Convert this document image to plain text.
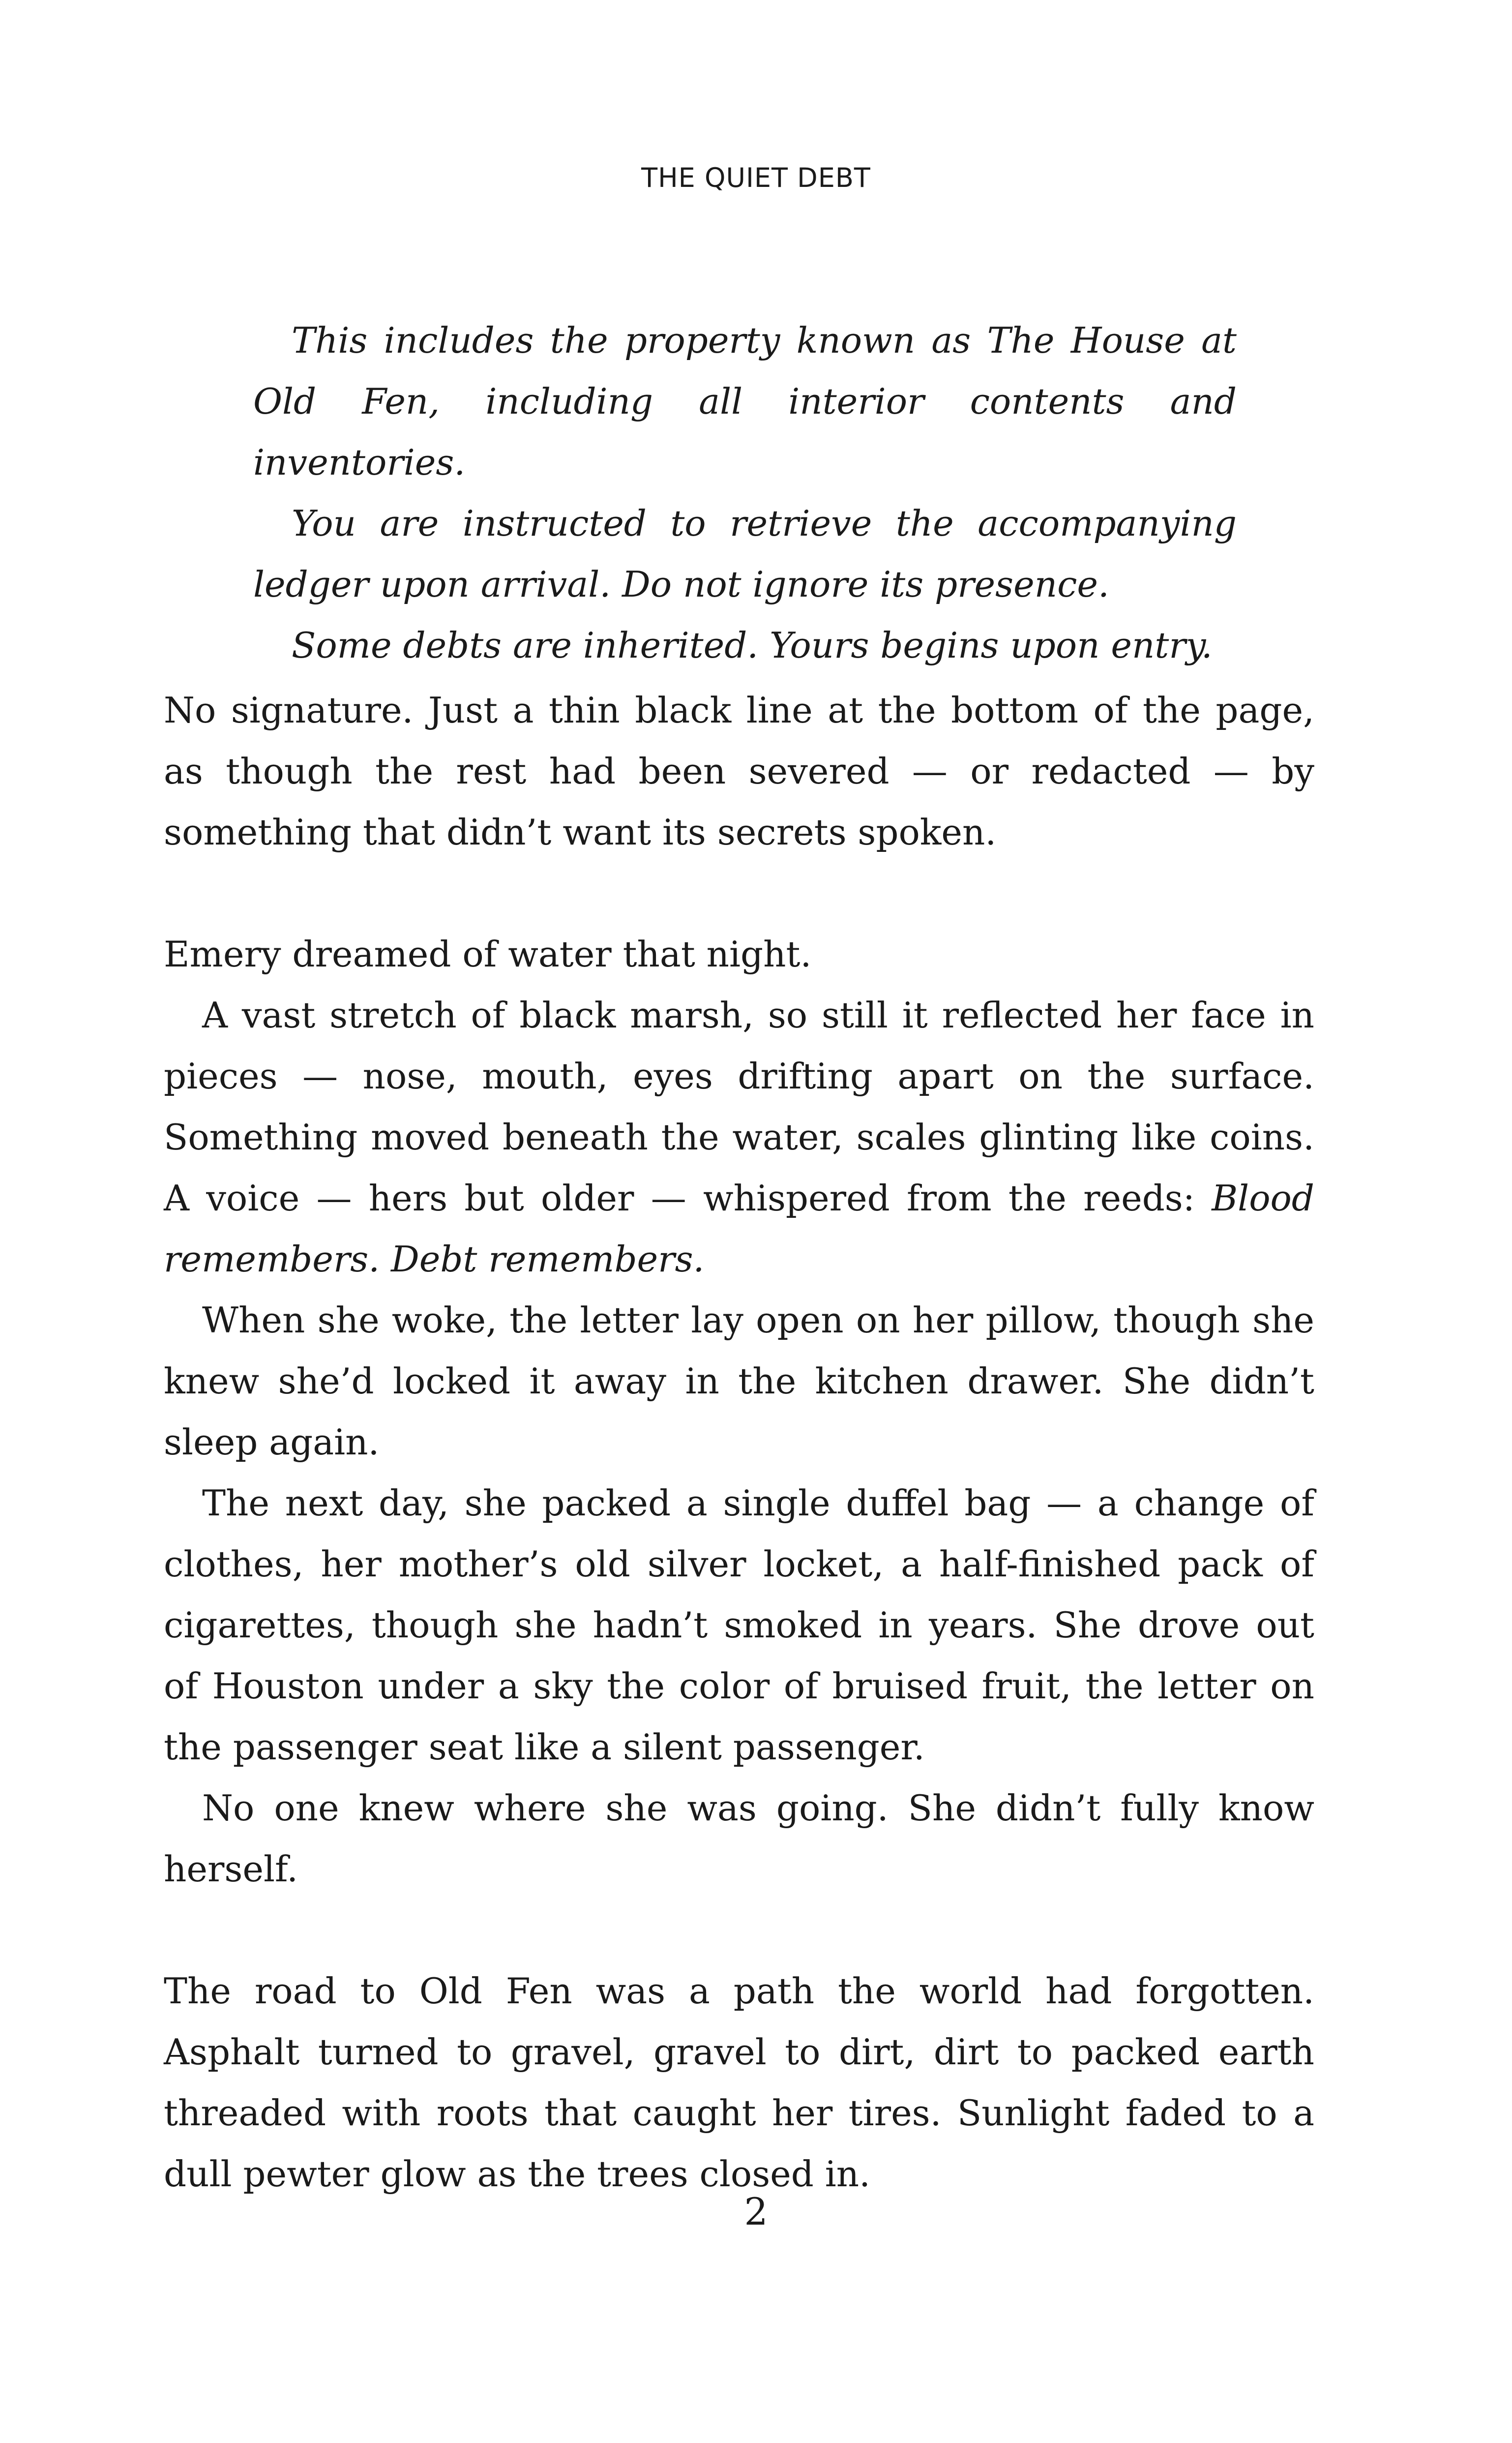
THE QUIET DEBT

This includes the property known as The House at Old Fen, including all interior contents and inventories.

You are instructed to retrieve the accompanying ledger upon arrival. Do not ignore its presence.

Some debts are inherited. Yours begins upon entry.

No signature. Just a thin black line at the bottom of the page, as though the rest had been severed — or redacted — by something that didn’t want its secrets spoken.

Emery dreamed of water that night.

A vast stretch of black marsh, so still it reflected her face in pieces — nose, mouth, eyes drifting apart on the surface. Something moved beneath the water, scales glinting like coins. A voice — hers but older — whispered from the reeds: Blood remembers. Debt remembers.

When she woke, the letter lay open on her pillow, though she knew she’d locked it away in the kitchen drawer. She didn’t sleep again.

The next day, she packed a single duffel bag — a change of clothes, her mother’s old silver locket, a half-finished pack of cigarettes, though she hadn’t smoked in years. She drove out of Houston under a sky the color of bruised fruit, the letter on the passenger seat like a silent passenger.

No one knew where she was going. She didn’t fully know herself.

The road to Old Fen was a path the world had forgotten. Asphalt turned to gravel, gravel to dirt, dirt to packed earth threaded with roots that caught her tires. Sunlight faded to a dull pewter glow as the trees closed in.

2
